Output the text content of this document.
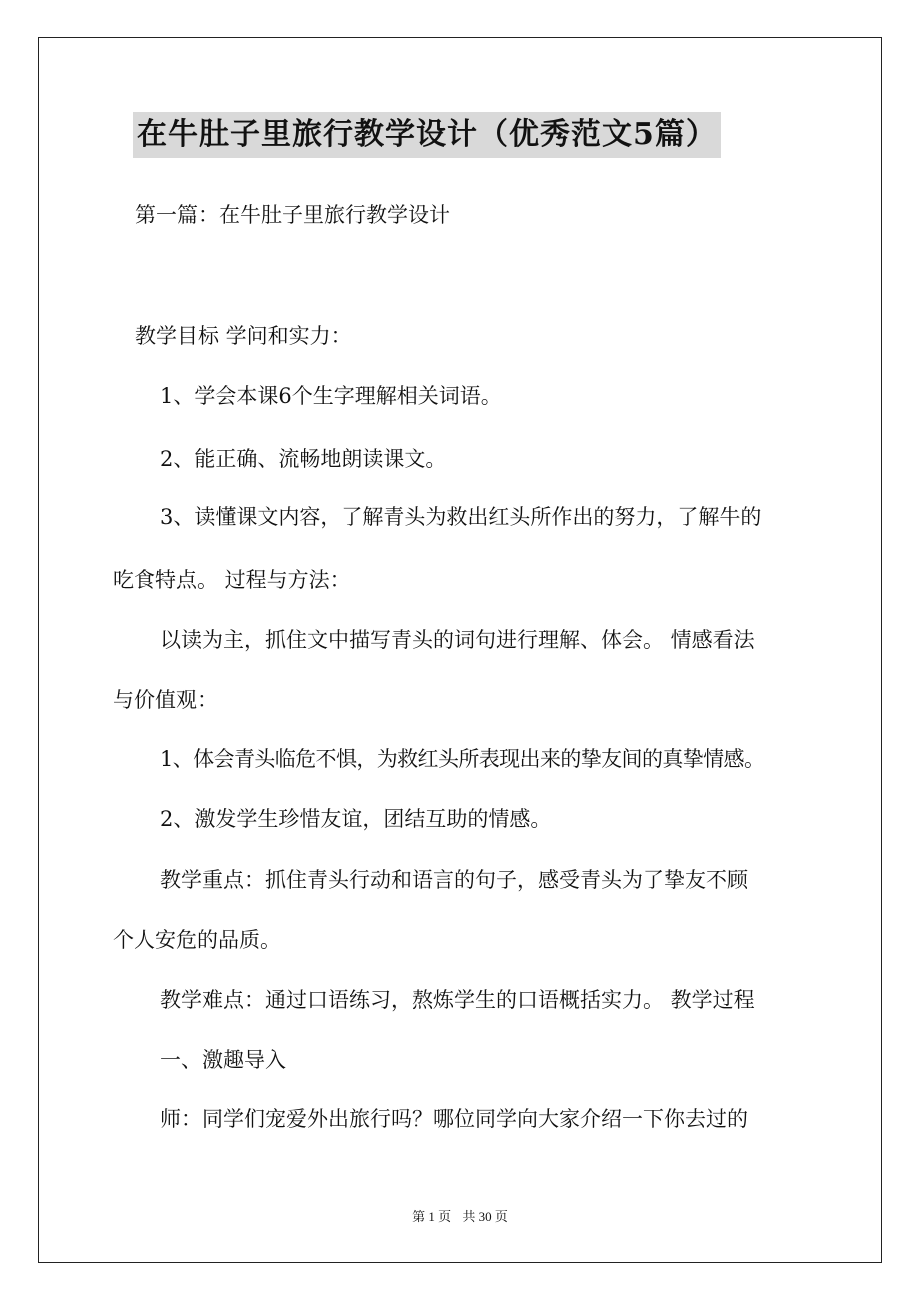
在牛肚子里旅行教学设计（优秀范文5篇）
第一篇：在牛肚子里旅行教学设计
教学目标 学问和实力：
1、学会本课6个生字理解相关词语。
2、能正确、流畅地朗读课文。
3、读懂课文内容，了解青头为救出红头所作出的努力，了解牛的
吃食特点。 过程与方法：
以读为主，抓住文中描写青头的词句进行理解、体会。 情感看法
与价值观：
1、体会青头临危不惧，为救红头所表现出来的挚友间的真挚情感。
2、激发学生珍惜友谊，团结互助的情感。
教学重点：抓住青头行动和语言的句子，感受青头为了挚友不顾
个人安危的品质。
教学难点：通过口语练习，熬炼学生的口语概括实力。 教学过程
一、激趣导入
师：同学们宠爱外出旅行吗？哪位同学向大家介绍一下你去过的
第 1 页 共 30 页
